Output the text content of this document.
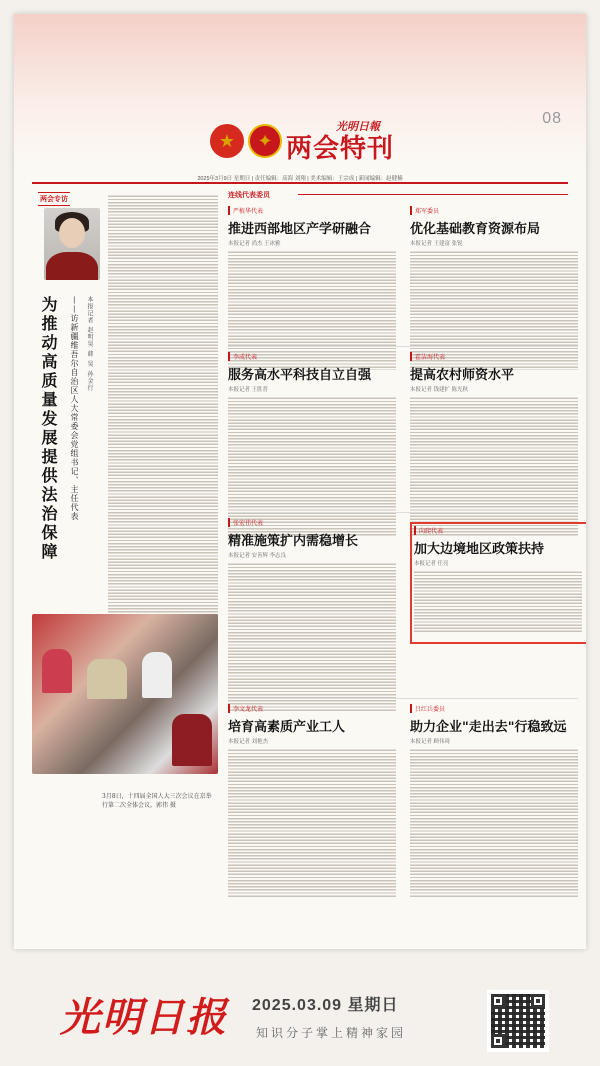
08
★	✦
光明日報
两会特刊
2025年3月9日 星期日 | 责任编辑：高海 刘翔 | 美术编辑：王宗成 | 新闻编辑：赵健楠
两会专访
为推动高质量发展提供法治保障	——访新疆维吾尔自治区人大常委会党组书记、主任代表	本报记者 赵明昊 韩 昊 孙金行
3月8日，十四届全国人大三次会议在京举行第二次全体会议。郭伟 摄
连线代表委员
严植华代表
推进西部地区产学研融合
本报记者 尚杰 王冰雅
郑军委员
优化基础教育资源布局
本报记者 王建富 张锐
李成代表
服务高水平科技自立自强
本报记者 王胜普
霍洁海代表
提高农村师资水平
本报记者 钱建扩 陈光秋
张宏伟代表
精准施策扩内需稳增长
本报记者 安善辉 李志良
向爬代表
加大边境地区政策扶持
本报记者 任亮
李文龙代表
培育高素质产业工人
本报记者 刘艳杰
吕红兵委员
助力企业"走出去"行稳致远
本报记者 顾伟琦
光明日报 2025.03.09 星期日
知识分子掌上精神家园
